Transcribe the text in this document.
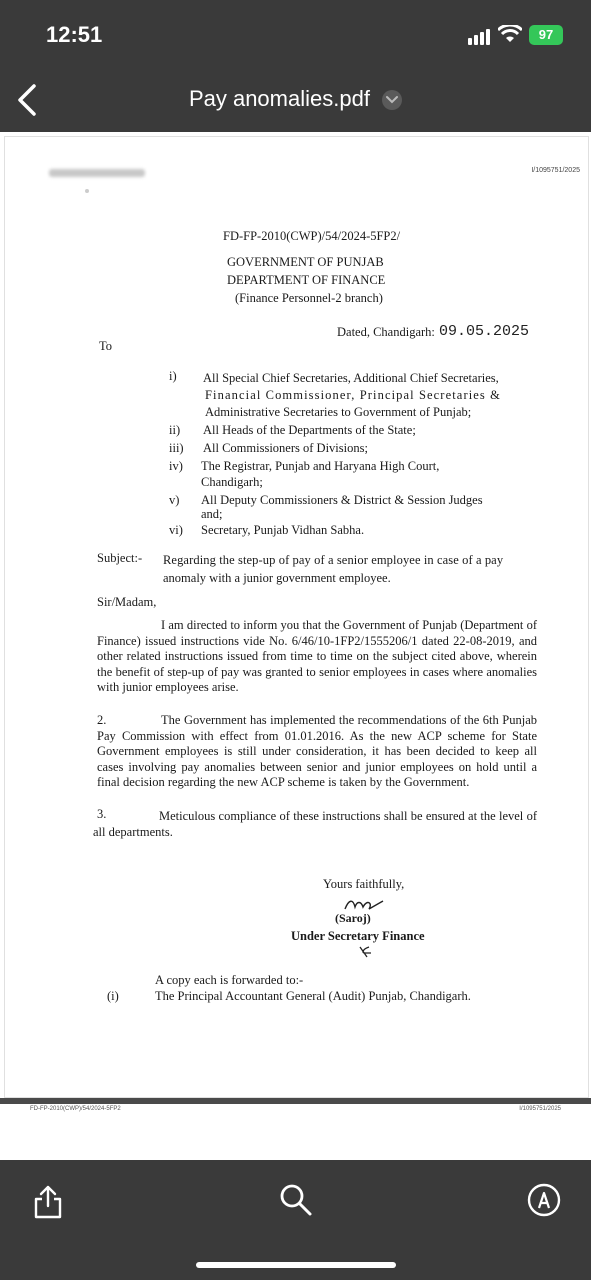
12:51	97
Pay anomalies.pdf
I/1095751/2025
FD-FP-2010(CWP)/54/2024-5FP2/
GOVERNMENT OF PUNJAB
DEPARTMENT OF FINANCE
(Finance Personnel-2 branch)
Dated, Chandigarh: 09.05.2025
To
i) All Special Chief Secretaries, Additional Chief Secretaries,
Financial Commissioner, Principal Secretaries &
Administrative Secretaries to Government of Punjab;
ii) All Heads of the Departments of the State;
iii) All Commissioners of Divisions;
iv) The Registrar, Punjab and Haryana High Court,
Chandigarh;
v) All Deputy Commissioners & District & Session Judges
and;
vi) Secretary, Punjab Vidhan Sabha.
Subject:- Regarding the step-up of pay of a senior employee in case of a pay
anomaly with a junior government employee.
Sir/Madam,
I am directed to inform you that the Government of Punjab (Department of Finance) issued instructions vide No. 6/46/10-1FP2/1555206/1 dated 22-08-2019, and other related instructions issued from time to time on the subject cited above, wherein the benefit of step-up of pay was granted to senior employees in cases where anomalies with junior employees arise.
2.	The Government has implemented the recommendations of the 6th Punjab Pay Commission with effect from 01.01.2016. As the new ACP scheme for State Government employees is still under consideration, it has been decided to keep all cases involving pay anomalies between senior and junior employees on hold until a final decision regarding the new ACP scheme is taken by the Government.
3.	Meticulous compliance of these instructions shall be ensured at the level of all departments.
Yours faithfully,
(Saroj)
Under Secretary Finance
A copy each is forwarded to:-
(i)	The Principal Accountant General (Audit) Punjab, Chandigarh.
FD-FP-2010(CWP)/54/2024-5FP2	I/1095751/2025
